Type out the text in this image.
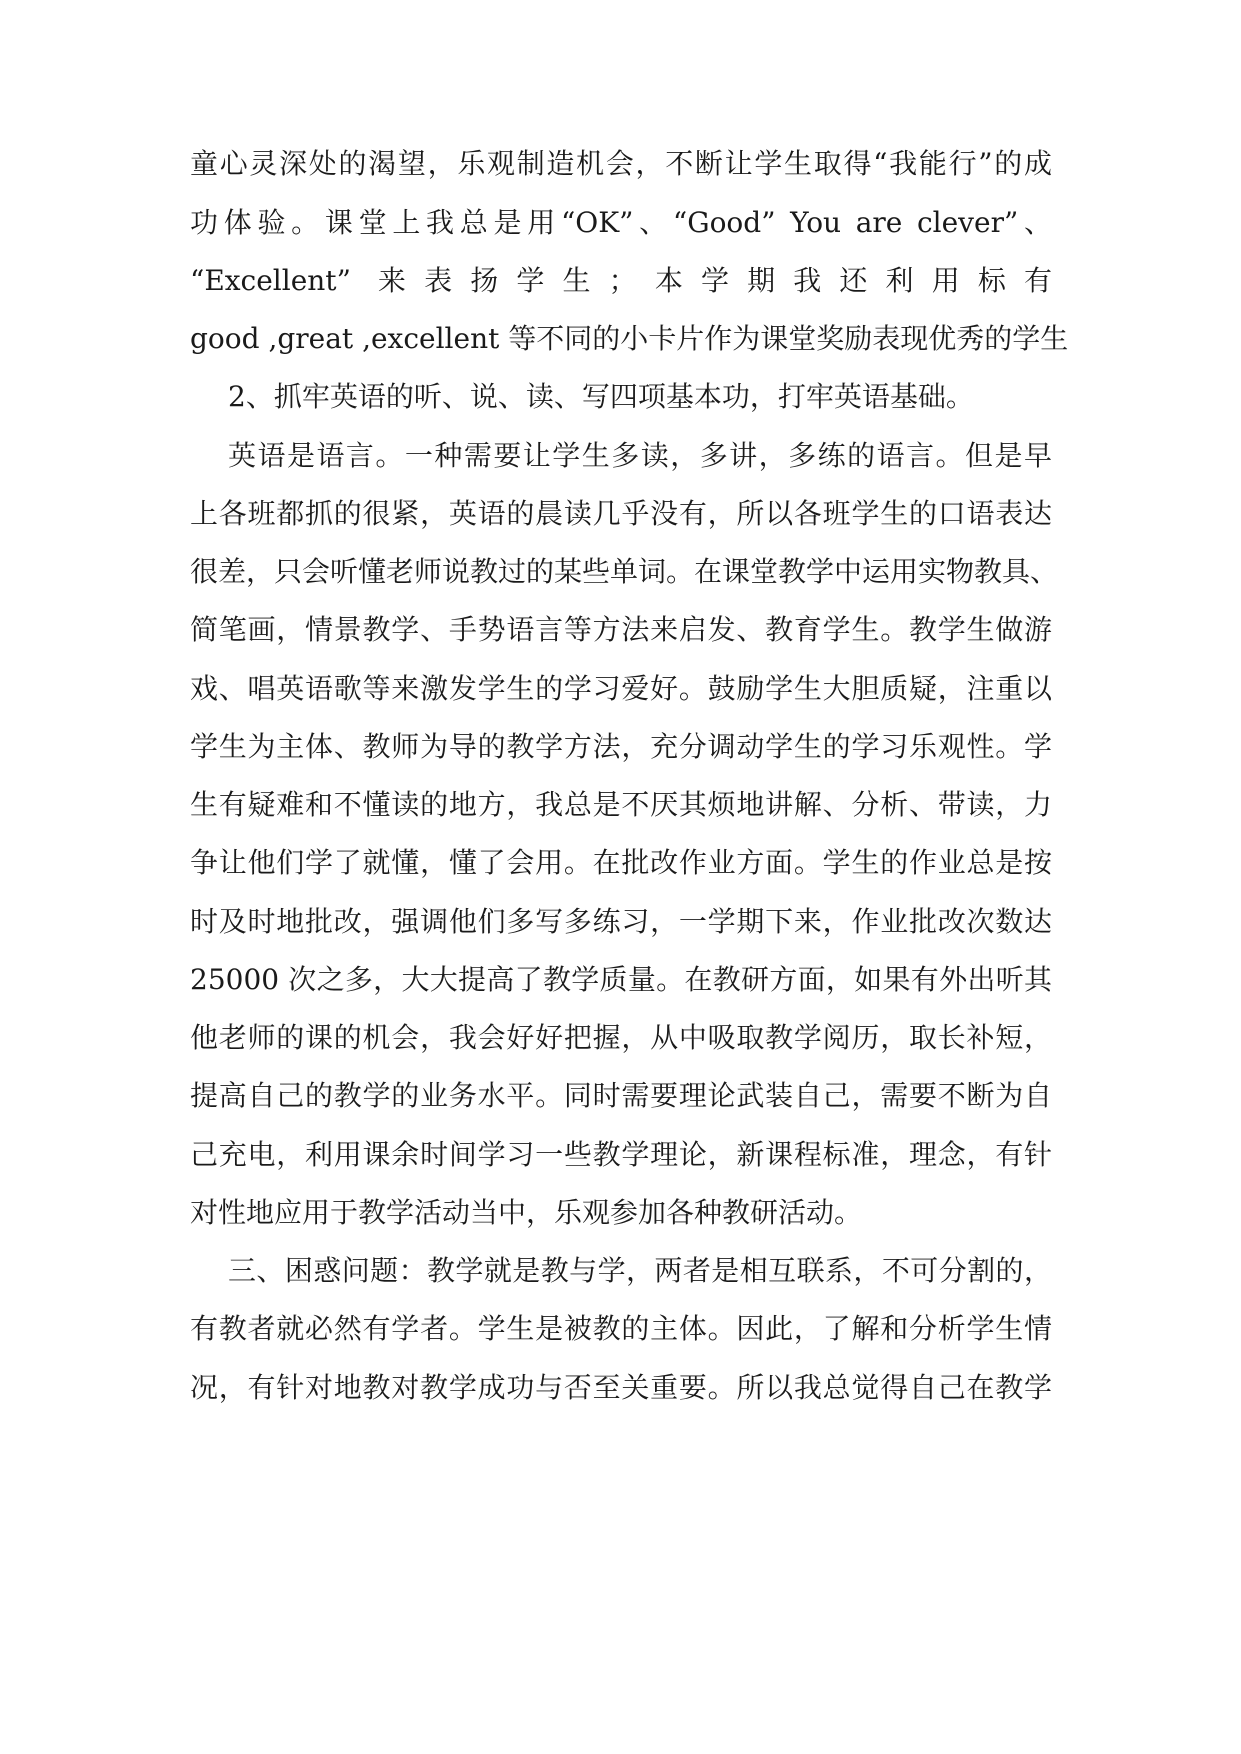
童心灵深处的渴望，乐观制造机会，不断让学生取得“我能行”的成
功体验。课堂上我总是用“OK”、“Good” You are clever”、
“Excellent” 来表扬学生；本学期我还利用标有
good ,great ,excellent 等不同的小卡片作为课堂奖励表现优秀的学生
2、抓牢英语的听、说、读、写四项基本功，打牢英语基础。
英语是语言。一种需要让学生多读，多讲，多练的语言。但是早
上各班都抓的很紧，英语的晨读几乎没有，所以各班学生的口语表达
很差，只会听懂老师说教过的某些单词。在课堂教学中运用实物教具、
简笔画，情景教学、手势语言等方法来启发、教育学生。教学生做游
戏、唱英语歌等来激发学生的学习爱好。鼓励学生大胆质疑，注重以
学生为主体、教师为导的教学方法，充分调动学生的学习乐观性。学
生有疑难和不懂读的地方，我总是不厌其烦地讲解、分析、带读，力
争让他们学了就懂，懂了会用。在批改作业方面。学生的作业总是按
时及时地批改，强调他们多写多练习，一学期下来，作业批改次数达
25000 次之多，大大提高了教学质量。在教研方面，如果有外出听其
他老师的课的机会，我会好好把握，从中吸取教学阅历，取长补短，
提高自己的教学的业务水平。同时需要理论武装自己，需要不断为自
己充电，利用课余时间学习一些教学理论，新课程标准，理念，有针
对性地应用于教学活动当中，乐观参加各种教研活动。
三、困惑问题：教学就是教与学，两者是相互联系，不可分割的，
有教者就必然有学者。学生是被教的主体。因此，了解和分析学生情
况，有针对地教对教学成功与否至关重要。所以我总觉得自己在教学
